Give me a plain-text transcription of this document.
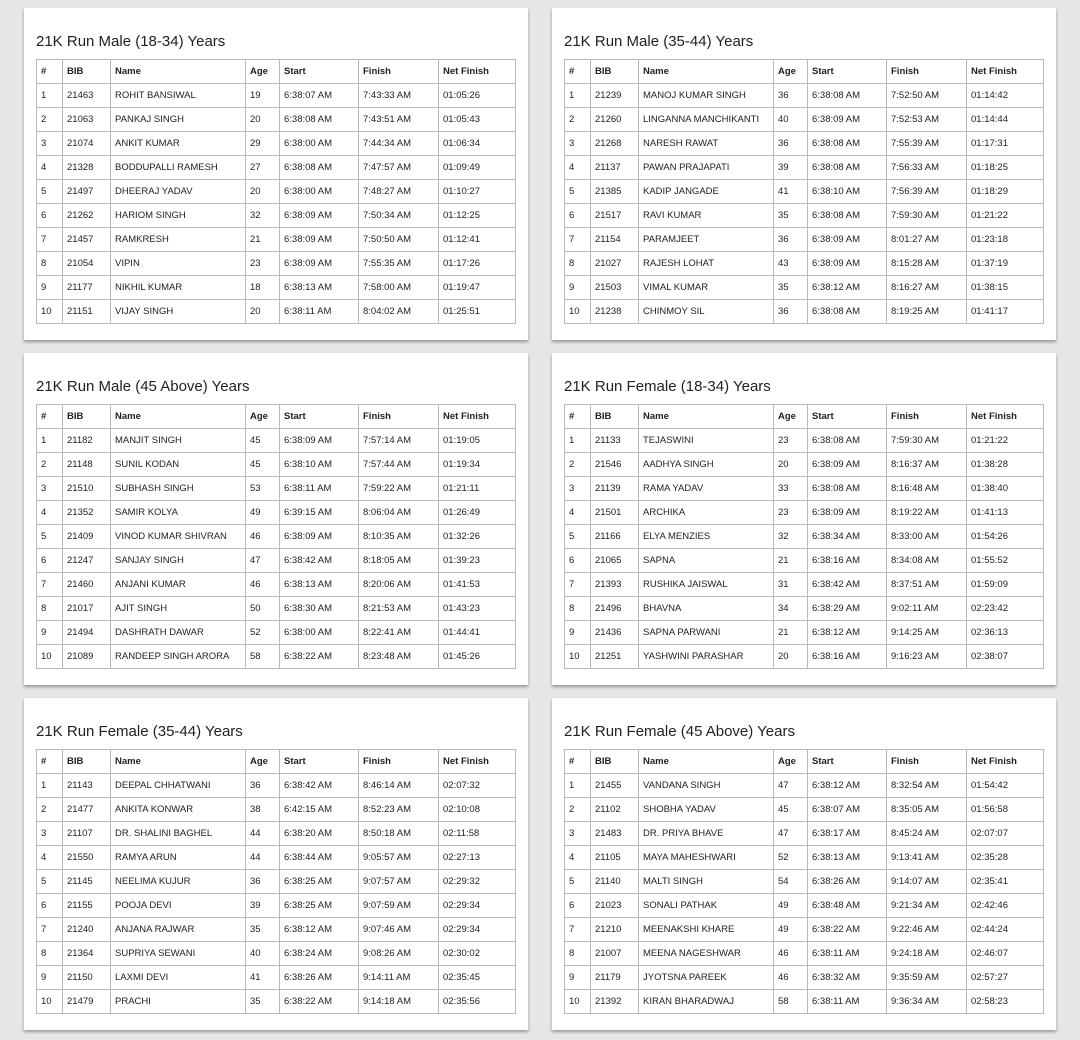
21K Run Male (18-34) Years
#	BIB	Name	Age	Start	Finish	Net Finish
1	21463	ROHIT BANSIWAL	19	6:38:07 AM	7:43:33 AM	01:05:26
2	21063	PANKAJ SINGH	20	6:38:08 AM	7:43:51 AM	01:05:43
3	21074	ANKIT KUMAR	29	6:38:00 AM	7:44:34 AM	01:06:34
4	21328	BODDUPALLI RAMESH	27	6:38:08 AM	7:47:57 AM	01:09:49
5	21497	DHEERAJ YADAV	20	6:38:00 AM	7:48:27 AM	01:10:27
6	21262	HARIOM SINGH	32	6:38:09 AM	7:50:34 AM	01:12:25
7	21457	RAMKRESH	21	6:38:09 AM	7:50:50 AM	01:12:41
8	21054	VIPIN	23	6:38:09 AM	7:55:35 AM	01:17:26
9	21177	NIKHIL KUMAR	18	6:38:13 AM	7:58:00 AM	01:19:47
10	21151	VIJAY SINGH	20	6:38:11 AM	8:04:02 AM	01:25:51
21K Run Male (35-44) Years
#	BIB	Name	Age	Start	Finish	Net Finish
1	21239	MANOJ KUMAR SINGH	36	6:38:08 AM	7:52:50 AM	01:14:42
2	21260	LINGANNA MANCHIKANTI	40	6:38:09 AM	7:52:53 AM	01:14:44
3	21268	NARESH RAWAT	36	6:38:08 AM	7:55:39 AM	01:17:31
4	21137	PAWAN PRAJAPATI	39	6:38:08 AM	7:56:33 AM	01:18:25
5	21385	KADIP JANGADE	41	6:38:10 AM	7:56:39 AM	01:18:29
6	21517	RAVI KUMAR	35	6:38:08 AM	7:59:30 AM	01:21:22
7	21154	PARAMJEET	36	6:38:09 AM	8:01:27 AM	01:23:18
8	21027	RAJESH LOHAT	43	6:38:09 AM	8:15:28 AM	01:37:19
9	21503	VIMAL KUMAR	35	6:38:12 AM	8:16:27 AM	01:38:15
10	21238	CHINMOY SIL	36	6:38:08 AM	8:19:25 AM	01:41:17
21K Run Male (45 Above) Years
#	BIB	Name	Age	Start	Finish	Net Finish
1	21182	MANJIT SINGH	45	6:38:09 AM	7:57:14 AM	01:19:05
2	21148	SUNIL KODAN	45	6:38:10 AM	7:57:44 AM	01:19:34
3	21510	SUBHASH SINGH	53	6:38:11 AM	7:59:22 AM	01:21:11
4	21352	SAMIR KOLYA	49	6:39:15 AM	8:06:04 AM	01:26:49
5	21409	VINOD KUMAR SHIVRAN	46	6:38:09 AM	8:10:35 AM	01:32:26
6	21247	SANJAY SINGH	47	6:38:42 AM	8:18:05 AM	01:39:23
7	21460	ANJANI KUMAR	46	6:38:13 AM	8:20:06 AM	01:41:53
8	21017	AJIT SINGH	50	6:38:30 AM	8:21:53 AM	01:43:23
9	21494	DASHRATH DAWAR	52	6:38:00 AM	8:22:41 AM	01:44:41
10	21089	RANDEEP SINGH ARORA	58	6:38:22 AM	8:23:48 AM	01:45:26
21K Run Female (18-34) Years
#	BIB	Name	Age	Start	Finish	Net Finish
1	21133	TEJASWINI	23	6:38:08 AM	7:59:30 AM	01:21:22
2	21546	AADHYA SINGH	20	6:38:09 AM	8:16:37 AM	01:38:28
3	21139	RAMA YADAV	33	6:38:08 AM	8:16:48 AM	01:38:40
4	21501	ARCHIKA	23	6:38:09 AM	8:19:22 AM	01:41:13
5	21166	ELYA MENZIES	32	6:38:34 AM	8:33:00 AM	01:54:26
6	21065	SAPNA	21	6:38:16 AM	8:34:08 AM	01:55:52
7	21393	RUSHIKA JAISWAL	31	6:38:42 AM	8:37:51 AM	01:59:09
8	21496	BHAVNA	34	6:38:29 AM	9:02:11 AM	02:23:42
9	21436	SAPNA PARWANI	21	6:38:12 AM	9:14:25 AM	02:36:13
10	21251	YASHWINI PARASHAR	20	6:38:16 AM	9:16:23 AM	02:38:07
21K Run Female (35-44) Years
#	BIB	Name	Age	Start	Finish	Net Finish
1	21143	DEEPAL CHHATWANI	36	6:38:42 AM	8:46:14 AM	02:07:32
2	21477	ANKITA KONWAR	38	6:42:15 AM	8:52:23 AM	02:10:08
3	21107	DR. SHALINI BAGHEL	44	6:38:20 AM	8:50:18 AM	02:11:58
4	21550	RAMYA ARUN	44	6:38:44 AM	9:05:57 AM	02:27:13
5	21145	NEELIMA KUJUR	36	6:38:25 AM	9:07:57 AM	02:29:32
6	21155	POOJA DEVI	39	6:38:25 AM	9:07:59 AM	02:29:34
7	21240	ANJANA RAJWAR	35	6:38:12 AM	9:07:46 AM	02:29:34
8	21364	SUPRIYA SEWANI	40	6:38:24 AM	9:08:26 AM	02:30:02
9	21150	LAXMI DEVI	41	6:38:26 AM	9:14:11 AM	02:35:45
10	21479	PRACHI	35	6:38:22 AM	9:14:18 AM	02:35:56
21K Run Female (45 Above) Years
#	BIB	Name	Age	Start	Finish	Net Finish
1	21455	VANDANA SINGH	47	6:38:12 AM	8:32:54 AM	01:54:42
2	21102	SHOBHA YADAV	45	6:38:07 AM	8:35:05 AM	01:56:58
3	21483	DR. PRIYA BHAVE	47	6:38:17 AM	8:45:24 AM	02:07:07
4	21105	MAYA MAHESHWARI	52	6:38:13 AM	9:13:41 AM	02:35:28
5	21140	MALTI SINGH	54	6:38:26 AM	9:14:07 AM	02:35:41
6	21023	SONALI PATHAK	49	6:38:48 AM	9:21:34 AM	02:42:46
7	21210	MEENAKSHI KHARE	49	6:38:22 AM	9:22:46 AM	02:44:24
8	21007	MEENA NAGESHWAR	46	6:38:11 AM	9:24:18 AM	02:46:07
9	21179	JYOTSNA PAREEK	46	6:38:32 AM	9:35:59 AM	02:57:27
10	21392	KIRAN BHARADWAJ	58	6:38:11 AM	9:36:34 AM	02:58:23
